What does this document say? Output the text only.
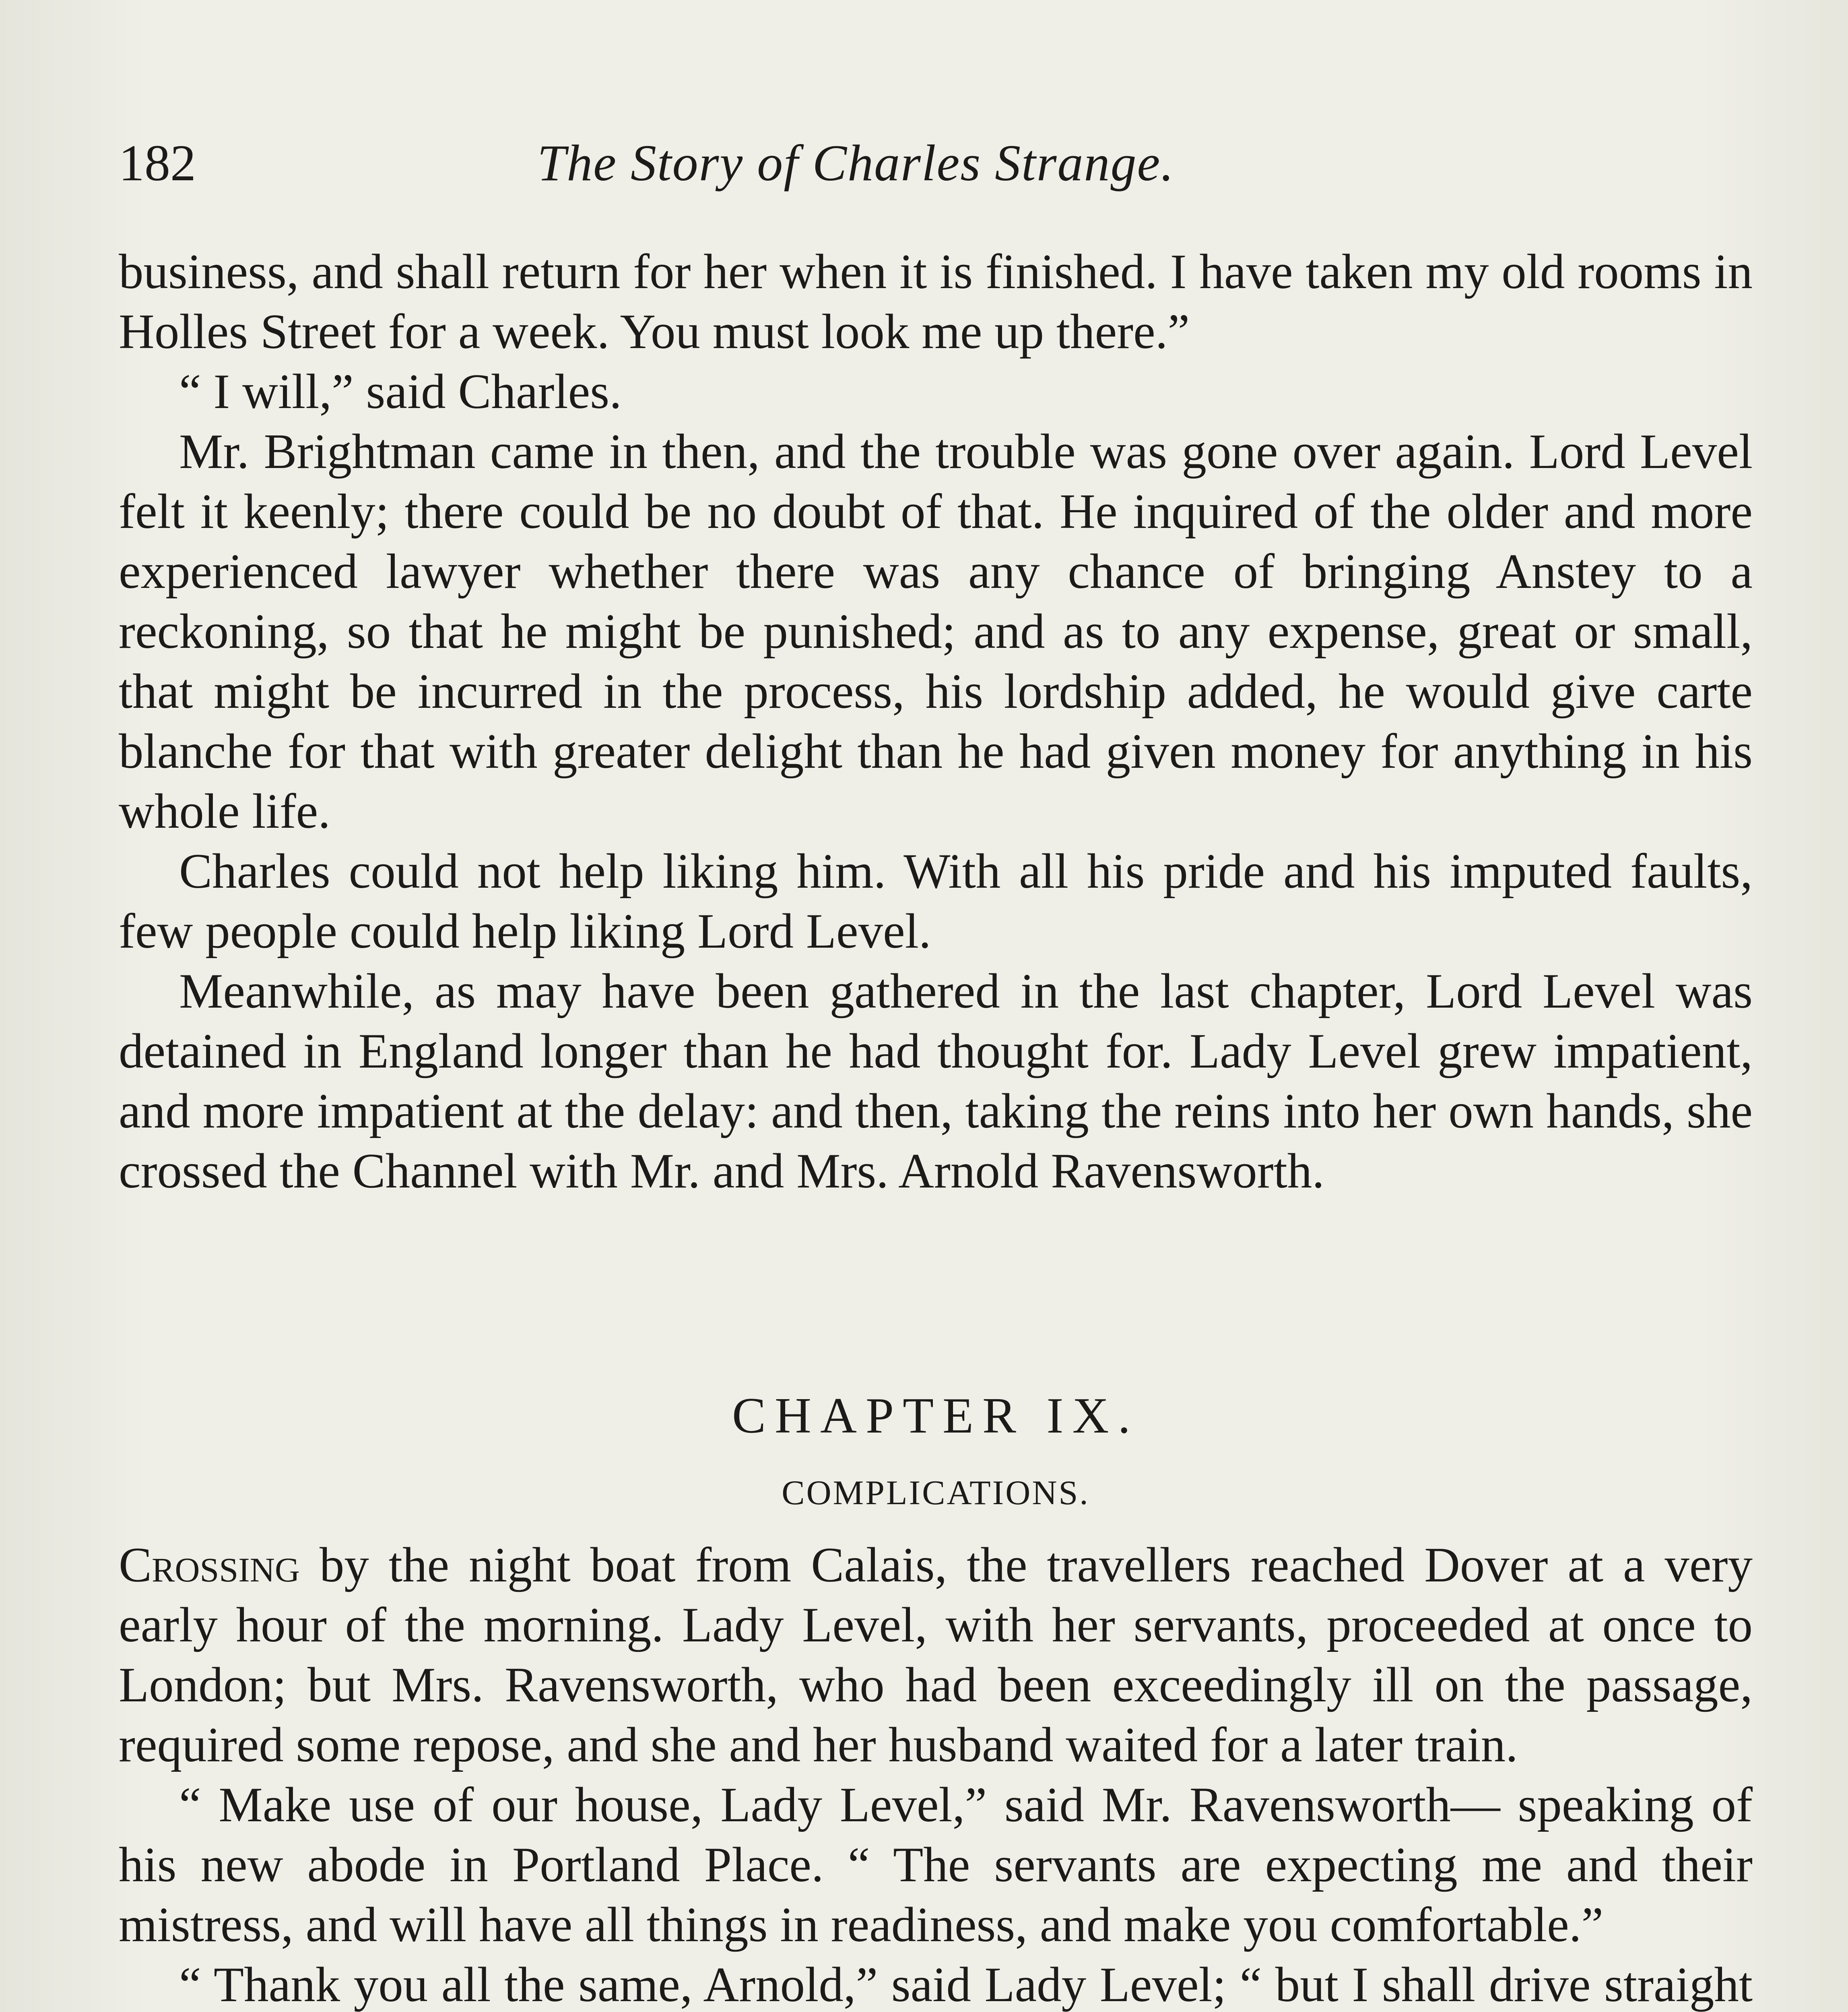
182	The Story of Charles Strange.

business, and shall return for her when it is finished. I have taken my old rooms in Holles Street for a week. You must look me up there.”

“ I will,” said Charles.

Mr. Brightman came in then, and the trouble was gone over again. Lord Level felt it keenly; there could be no doubt of that. He inquired of the older and more experienced lawyer whether there was any chance of bringing Anstey to a reckoning, so that he might be punished; and as to any expense, great or small, that might be incurred in the process, his lordship added, he would give carte blanche for that with greater delight than he had given money for anything in his whole life.

Charles could not help liking him. With all his pride and his imputed faults, few people could help liking Lord Level.

Meanwhile, as may have been gathered in the last chapter, Lord Level was detained in England longer than he had thought for. Lady Level grew impatient, and more impatient at the delay: and then, taking the reins into her own hands, she crossed the Channel with Mr. and Mrs. Arnold Ravensworth.

CHAPTER IX.
COMPLICATIONS.

Crossing by the night boat from Calais, the travellers reached Dover at a very early hour of the morning. Lady Level, with her servants, proceeded at once to London; but Mrs. Ravensworth, who had been exceedingly ill on the passage, required some repose, and she and her husband waited for a later train.

“ Make use of our house, Lady Level,” said Mr. Ravensworth— speaking of his new abode in Portland Place. “ The servants are expecting me and their mistress, and will have all things in readiness, and make you comfortable.”

“ Thank you all the same, Arnold,” said Lady Level; “ but I shall drive straight
